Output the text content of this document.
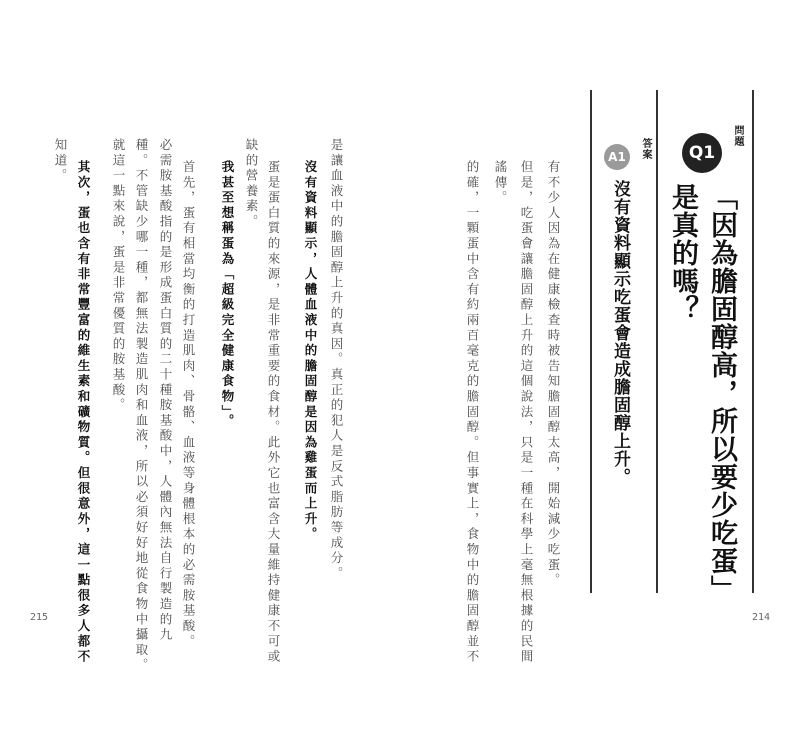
215	214
問題
Q1
「因為膽固醇高，所以要少吃蛋」
是真的嗎？
答案
A1
沒有資料顯示吃蛋會造成膽固醇上升。
有不少人因為在健康檢查時被告知膽固醇太高，開始減少吃蛋。
但是，吃蛋會讓膽固醇上升的這個說法，只是一種在科學上毫無根據的民間
謠傳。
的確，一顆蛋中含有約兩百毫克的膽固醇。但事實上，食物中的膽固醇並不
是讓血液中的膽固醇上升的真因。真正的犯人是反式脂肪等成分。
沒有資料顯示，人體血液中的膽固醇是因為雞蛋而上升。
蛋是蛋白質的來源，是非常重要的食材。此外它也富含大量維持健康不可或
缺的營養素。
我甚至想稱蛋為「超級完全健康食物」。
首先，蛋有相當均衡的打造肌肉、骨骼、血液等身體根本的必需胺基酸。
必需胺基酸指的是形成蛋白質的二十種胺基酸中，人體內無法自行製造的九
種。不管缺少哪一種，都無法製造肌肉和血液，所以必須好好地從食物中攝取。
就這一點來說，蛋是非常優質的胺基酸。
其次，蛋也含有非常豐富的維生素和礦物質。但很意外，這一點很多人都不
知道。
